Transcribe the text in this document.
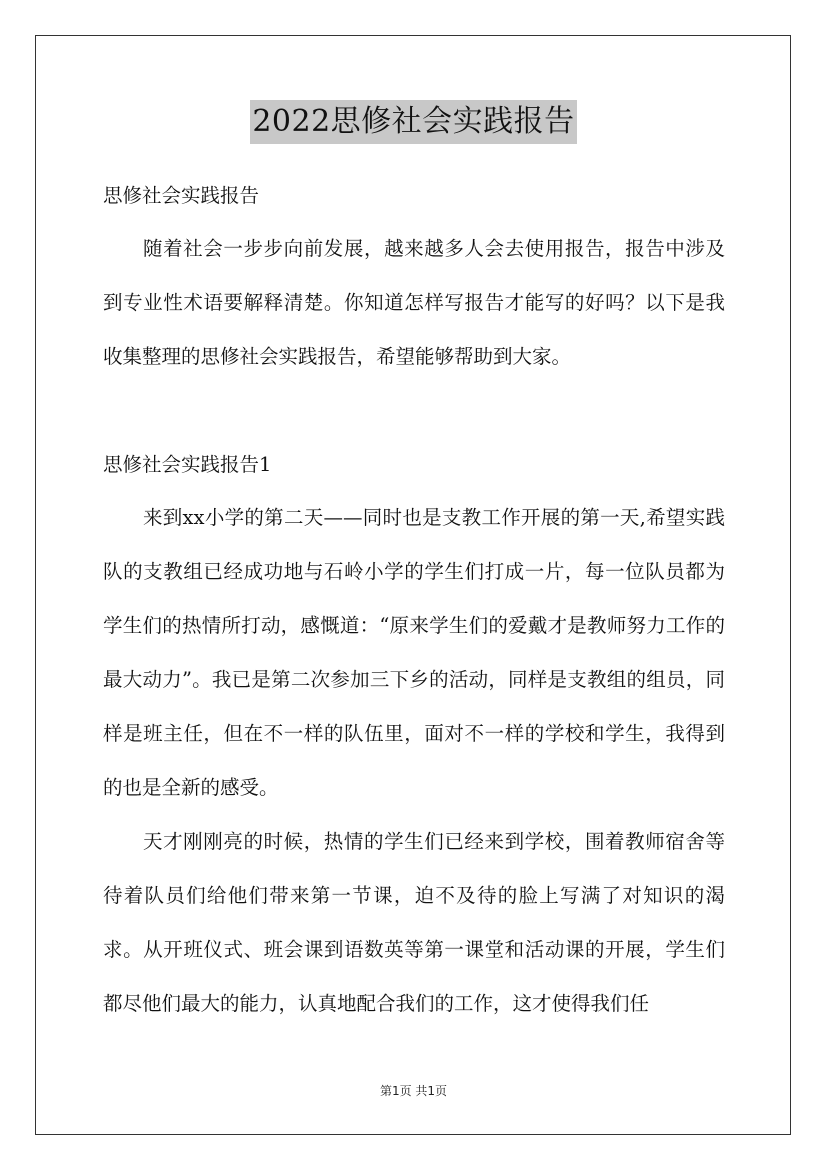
2022思修社会实践报告
思修社会实践报告
随着社会一步步向前发展，越来越多人会去使用报告，报告中涉及到专业性术语要解释清楚。你知道怎样写报告才能写的好吗？以下是我收集整理的思修社会实践报告，希望能够帮助到大家。
思修社会实践报告1
来到xx小学的第二天——同时也是支教工作开展的第一天,希望实践队的支教组已经成功地与石岭小学的学生们打成一片，每一位队员都为学生们的热情所打动，感慨道：“原来学生们的爱戴才是教师努力工作的最大动力”。我已是第二次参加三下乡的活动，同样是支教组的组员，同样是班主任，但在不一样的队伍里，面对不一样的学校和学生，我得到的也是全新的感受。
天才刚刚亮的时候，热情的学生们已经来到学校，围着教师宿舍等待着队员们给他们带来第一节课，迫不及待的脸上写满了对知识的渴求。从开班仪式、班会课到语数英等第一课堂和活动课的开展，学生们都尽他们最大的能力，认真地配合我们的工作，这才使得我们任
第1页 共1页
